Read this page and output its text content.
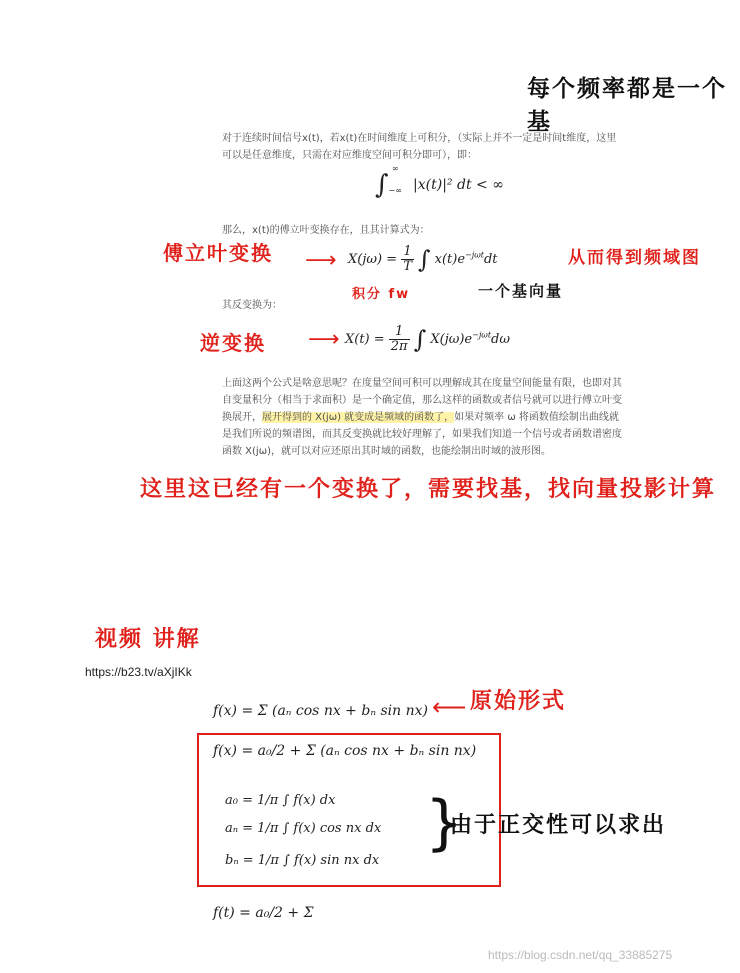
每个频率都是一个基
对于连续时间信号x(t)，若x(t)在时间维度上可积分，（实际上并不一定是时间t维度，这里可以是任意维度，只需在对应维度空间可积分即可），即：
$\int_{-\infty}^\infty$ |x(t)|² dt < ∞
那么，x(t)的傅立叶变换存在，且其计算式为：
傅立叶变换 ⟶ $X(j\omega) = \frac{1}{T}$ ∫ $x(t)e^{-j\omega t}dt$	从而得到频域图
积分 fw	一个基向量
其反变换为：
逆变换 ⟶ $X(t) = \frac{1}{2\pi}$ ∫ $X(j\omega)e^{-j\omega t}d\omega$
上面这两个公式是啥意思呢？在度量空间可积可以理解成其在度量空间能量有限，也即对其自变量积分（相当于求面积）是一个确定值，那么这样的函数或者信号就可以进行傅立叶变换展开，展开得到的 X(jω) 就变成是频域的函数了，如果对频率 ω 将函数值绘制出曲线就是我们所说的频谱图，而其反变换就比较好理解了，如果我们知道一个信号或者函数谱密度函数 X(jω)，就可以对应还原出其时域的函数，也能绘制出时域的波形图。
这里这已经有一个变换了，需要找基，找向量投影计算
视频 讲解
https://b23.tv/aXjIKk
f(x) = Σ (aₙ cos nx + bₙ sin nx)
f(x) = a₀/2 + Σ (aₙ cos nx + bₙ sin nx)
a₀ = 1/π ∫ f(x) dx
aₙ = 1/π ∫ f(x) cos nx dx
bₙ = 1/π ∫ f(x) sin nx dx
}
f(t) = a₀/2 + Σ
⟵ 原始形式
由于正交性可以求出
https://blog.csdn.net/qq_33885275
